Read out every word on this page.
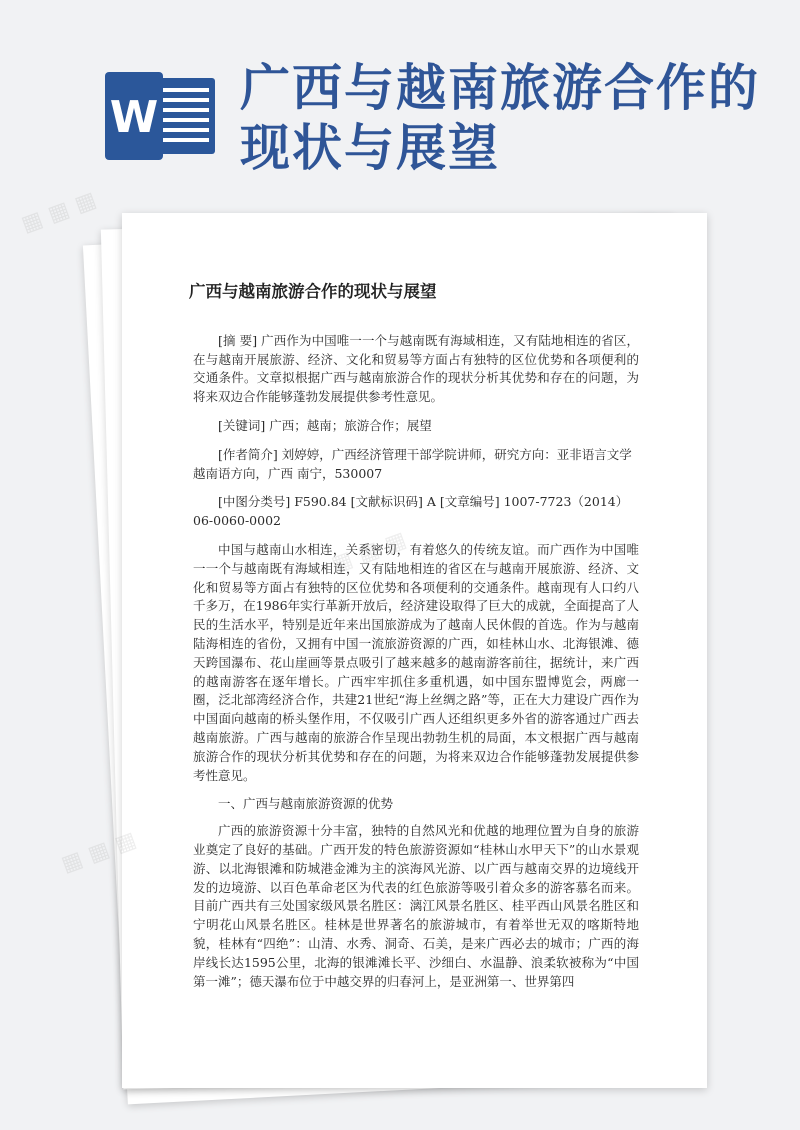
W
广西与越南旅游合作的
现状与展望
广西与越南旅游合作的现状与展望

[摘 要] 广西作为中国唯一一个与越南既有海域相连，又有陆地相连的省区，在与越南开展旅游、经济、文化和贸易等方面占有独特的区位优势和各项便利的交通条件。文章拟根据广西与越南旅游合作的现状分析其优势和存在的问题，为将来双边合作能够蓬勃发展提供参考性意见。

[关键词] 广西；越南；旅游合作；展望

[作者简介] 刘婷婷，广西经济管理干部学院讲师，研究方向：亚非语言文学越南语方向，广西 南宁，530007

[中图分类号] F590.84 [文献标识码] A [文章编号] 1007-7723（2014）06-0060-0002

中国与越南山水相连，关系密切，有着悠久的传统友谊。而广西作为中国唯一一个与越南既有海域相连，又有陆地相连的省区在与越南开展旅游、经济、文化和贸易等方面占有独特的区位优势和各项便利的交通条件。越南现有人口约八千多万，在1986年实行革新开放后，经济建设取得了巨大的成就，全面提高了人民的生活水平，特别是近年来出国旅游成为了越南人民休假的首选。作为与越南陆海相连的省份，又拥有中国一流旅游资源的广西，如桂林山水、北海银滩、德天跨国瀑布、花山崖画等景点吸引了越来越多的越南游客前往，据统计，来广西的越南游客在逐年增长。广西牢牢抓住多重机遇，如中国东盟博览会，两廊一圈，泛北部湾经济合作，共建21世纪“海上丝绸之路”等，正在大力建设广西作为中国面向越南的桥头堡作用，不仅吸引广西人还组织更多外省的游客通过广西去越南旅游。广西与越南的旅游合作呈现出勃勃生机的局面，本文根据广西与越南旅游合作的现状分析其优势和存在的问题，为将来双边合作能够蓬勃发展提供参考性意见。

一、广西与越南旅游资源的优势

广西的旅游资源十分丰富，独特的自然风光和优越的地理位置为自身的旅游业奠定了良好的基础。广西开发的特色旅游资源如“桂林山水甲天下”的山水景观游、以北海银滩和防城港金滩为主的滨海风光游、以广西与越南交界的边境线开发的边境游、以百色革命老区为代表的红色旅游等吸引着众多的游客慕名而来。目前广西共有三处国家级风景名胜区：漓江风景名胜区、桂平西山风景名胜区和宁明花山风景名胜区。桂林是世界著名的旅游城市，有着举世无双的喀斯特地貌，桂林有“四绝”：山清、水秀、洞奇、石美，是来广西必去的城市；广西的海岸线长达1595公里，北海的银滩滩长平、沙细白、水温静、浪柔软被称为“中国第一滩”；德天瀑布位于中越交界的归春河上，是亚洲第一、世界第四

▦ ▦ ▦
▦ ▦ ▦
